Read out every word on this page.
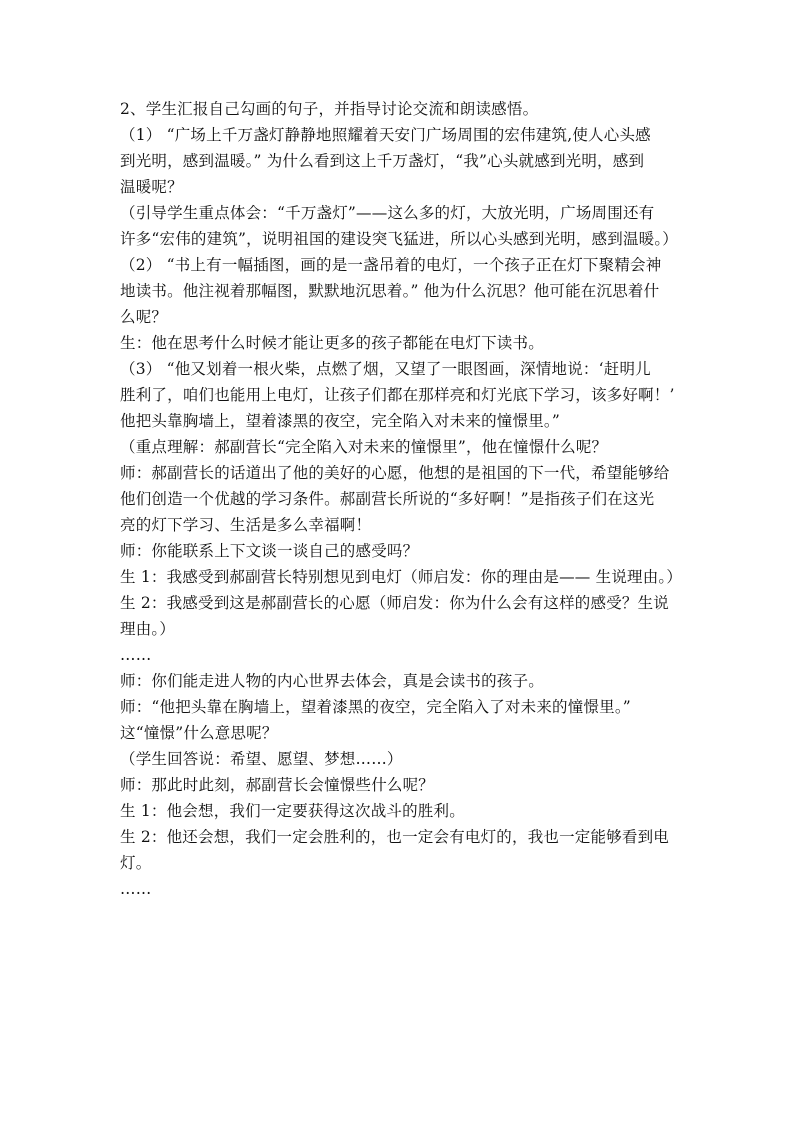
2、学生汇报自己勾画的句子，并指导讨论交流和朗读感悟。
（1） “广场上千万盏灯静静地照耀着天安门广场周围的宏伟建筑,使人心头感
到光明，感到温暖。” 为什么看到这上千万盏灯，“我”心头就感到光明，感到
温暖呢？
（引导学生重点体会：“千万盏灯”——这么多的灯，大放光明，广场周围还有
许多“宏伟的建筑”，说明祖国的建设突飞猛进，所以心头感到光明，感到温暖。）
（2） “书上有一幅插图，画的是一盏吊着的电灯，一个孩子正在灯下聚精会神
地读书。他注视着那幅图，默默地沉思着。” 他为什么沉思？他可能在沉思着什
么呢？
生：他在思考什么时候才能让更多的孩子都能在电灯下读书。
（3） “他又划着一根火柴，点燃了烟，又望了一眼图画，深情地说：‘赶明儿
胜利了，咱们也能用上电灯，让孩子们都在那样亮和灯光底下学习，该多好啊！’
他把头靠胸墙上，望着漆黑的夜空，完全陷入对未来的憧憬里。”
（重点理解：郝副营长“完全陷入对未来的憧憬里”，他在憧憬什么呢？
师：郝副营长的话道出了他的美好的心愿，他想的是祖国的下一代，希望能够给
他们创造一个优越的学习条件。郝副营长所说的“多好啊！”是指孩子们在这光
亮的灯下学习、生活是多么幸福啊！
师：你能联系上下文谈一谈自己的感受吗？
生 1：我感受到郝副营长特别想见到电灯（师启发：你的理由是—— 生说理由。）
生 2：我感受到这是郝副营长的心愿（师启发：你为什么会有这样的感受？生说
理由。）
……
师：你们能走进人物的内心世界去体会，真是会读书的孩子。
师：“他把头靠在胸墙上，望着漆黑的夜空，完全陷入了对未来的憧憬里。”
这“憧憬”什么意思呢？
（学生回答说：希望、愿望、梦想……）
师：那此时此刻，郝副营长会憧憬些什么呢？
生 1：他会想，我们一定要获得这次战斗的胜利。
生 2：他还会想，我们一定会胜利的，也一定会有电灯的，我也一定能够看到电
灯。
……
